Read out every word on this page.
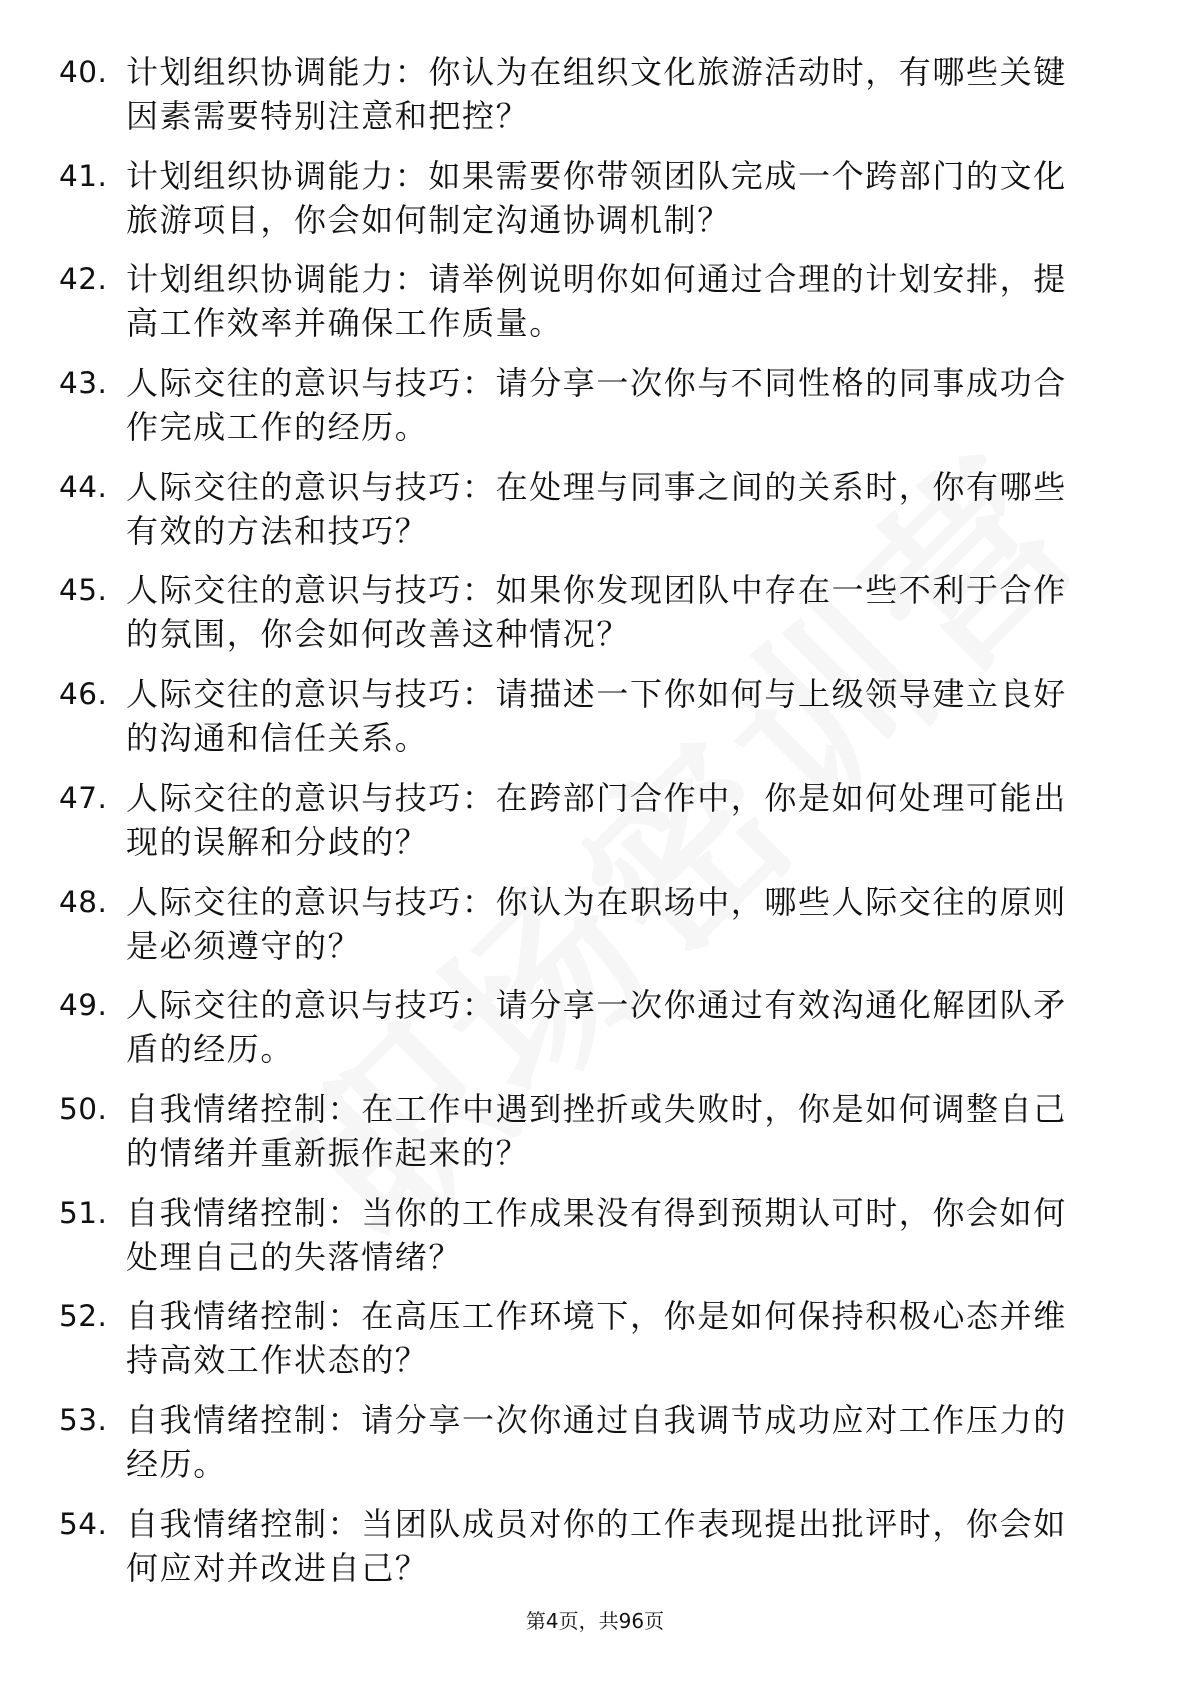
40. 计划组织协调能力：你认为在组织文化旅游活动时，有哪些关键
因素需要特别注意和把控？
41. 计划组织协调能力：如果需要你带领团队完成一个跨部门的文化
旅游项目，你会如何制定沟通协调机制？
42. 计划组织协调能力：请举例说明你如何通过合理的计划安排，提
高工作效率并确保工作质量。
43. 人际交往的意识与技巧：请分享一次你与不同性格的同事成功合
作完成工作的经历。
44. 人际交往的意识与技巧：在处理与同事之间的关系时，你有哪些
有效的方法和技巧？
45. 人际交往的意识与技巧：如果你发现团队中存在一些不利于合作
的氛围，你会如何改善这种情况？
46. 人际交往的意识与技巧：请描述一下你如何与上级领导建立良好
的沟通和信任关系。
47. 人际交往的意识与技巧：在跨部门合作中，你是如何处理可能出
现的误解和分歧的？
48. 人际交往的意识与技巧：你认为在职场中，哪些人际交往的原则
是必须遵守的？
49. 人际交往的意识与技巧：请分享一次你通过有效沟通化解团队矛
盾的经历。
50. 自我情绪控制：在工作中遇到挫折或失败时，你是如何调整自己
的情绪并重新振作起来的？
51. 自我情绪控制：当你的工作成果没有得到预期认可时，你会如何
处理自己的失落情绪？
52. 自我情绪控制：在高压工作环境下，你是如何保持积极心态并维
持高效工作状态的？
53. 自我情绪控制：请分享一次你通过自我调节成功应对工作压力的
经历。
54. 自我情绪控制：当团队成员对你的工作表现提出批评时，你会如
何应对并改进自己？
第4页，共96页
